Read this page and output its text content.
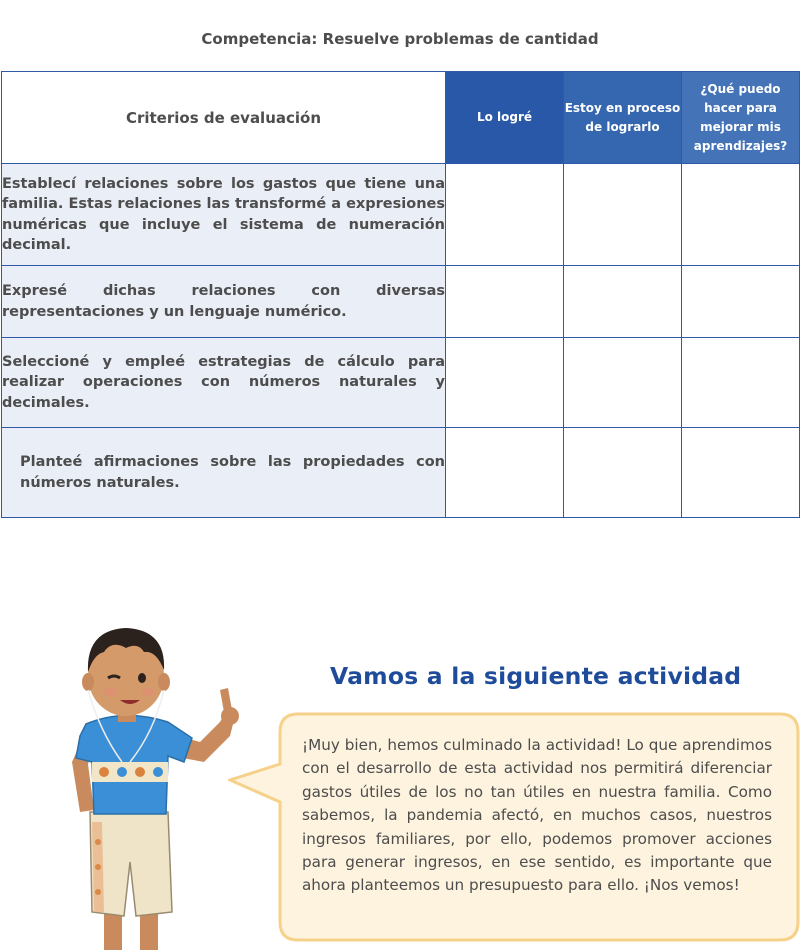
Competencia: Resuelve problemas de cantidad
Criterios de evaluación	Lo logré	Estoy en proceso de lograrlo	¿Qué puedo hacer para mejorar mis aprendizajes?
Establecí relaciones sobre los gastos que tiene una familia. Estas relaciones las transformé a expresiones numéricas que incluye el sistema de numeración decimal.			
Expresé dichas relaciones con diversas representaciones y un lenguaje numérico.			
Seleccioné y empleé estrategias de cálculo para realizar operaciones con números naturales y decimales.			
Planteé afirmaciones sobre las propiedades con números naturales.			
Vamos a la siguiente actividad
¡Muy bien, hemos culminado la actividad! Lo que aprendimos con el desarrollo de esta actividad nos permitirá diferenciar gastos útiles de los no tan útiles en nuestra familia. Como sabemos, la pandemia afectó, en muchos casos, nuestros ingresos familiares, por ello, podemos promover acciones para generar ingresos, en ese sentido, es importante que ahora planteemos un presupuesto para ello. ¡Nos vemos!
